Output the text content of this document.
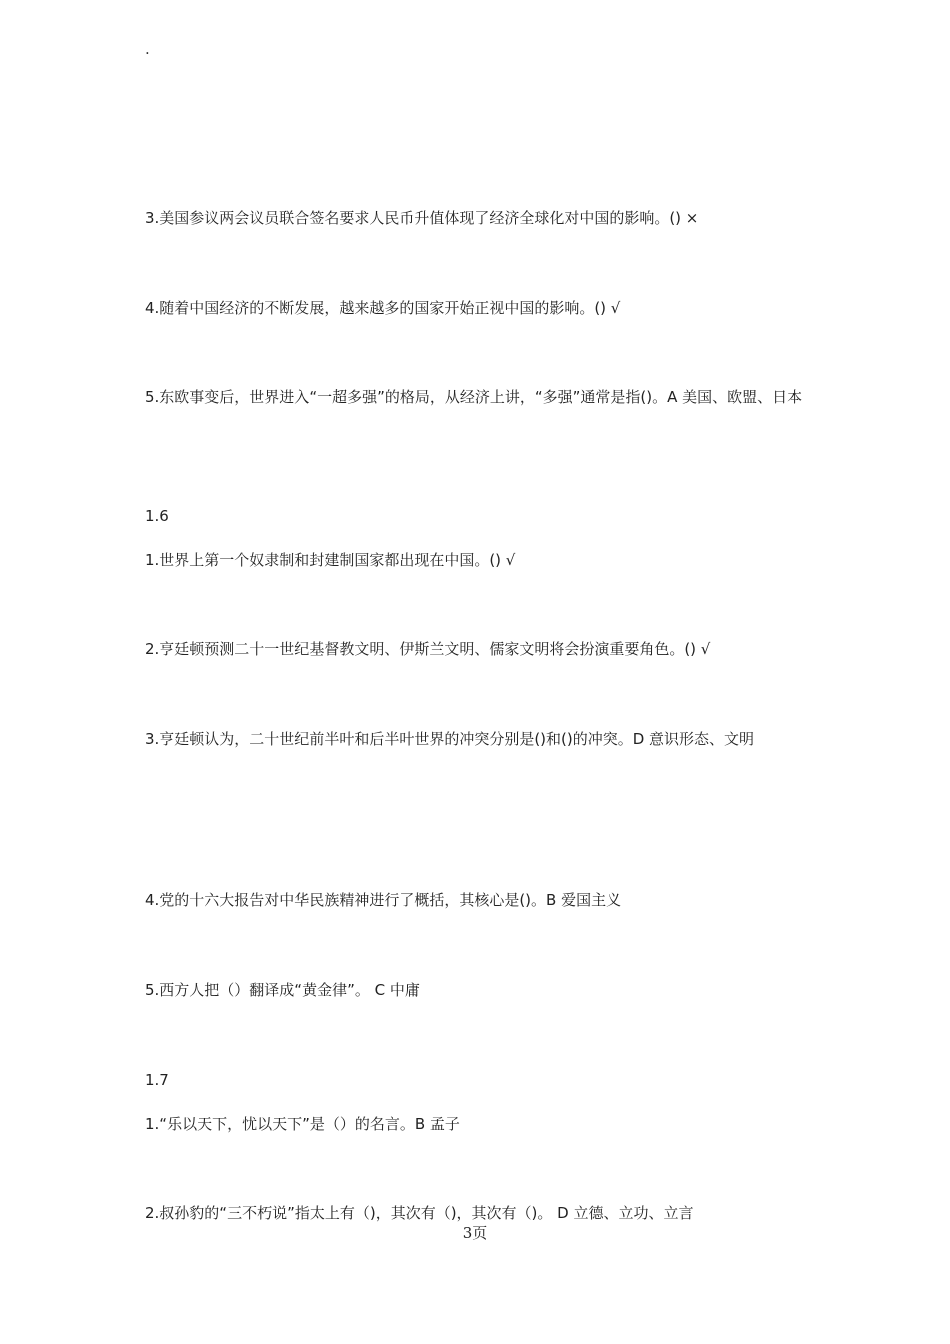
.
3.美国参议两会议员联合签名要求人民币升值体现了经济全球化对中国的影响。() ×
4.随着中国经济的不断发展，越来越多的国家开始正视中国的影响。() √
5.东欧事变后，世界进入“一超多强”的格局，从经济上讲，“多强”通常是指()。A 美国、欧盟、日本
1.6
1.世界上第一个奴隶制和封建制国家都出现在中国。() √
2.亨廷顿预测二十一世纪基督教文明、伊斯兰文明、儒家文明将会扮演重要角色。() √
3.亨廷顿认为，二十世纪前半叶和后半叶世界的冲突分别是()和()的冲突。D 意识形态、文明
4.党的十六大报告对中华民族精神进行了概括，其核心是()。B 爱国主义
5.西方人把（）翻译成“黄金律”。 C 中庸
1.7
1.“乐以天下，忧以天下”是（）的名言。B 孟子
2.叔孙豹的“三不朽说”指太上有（)，其次有（)，其次有（)。 D 立德、立功、立言
3页
